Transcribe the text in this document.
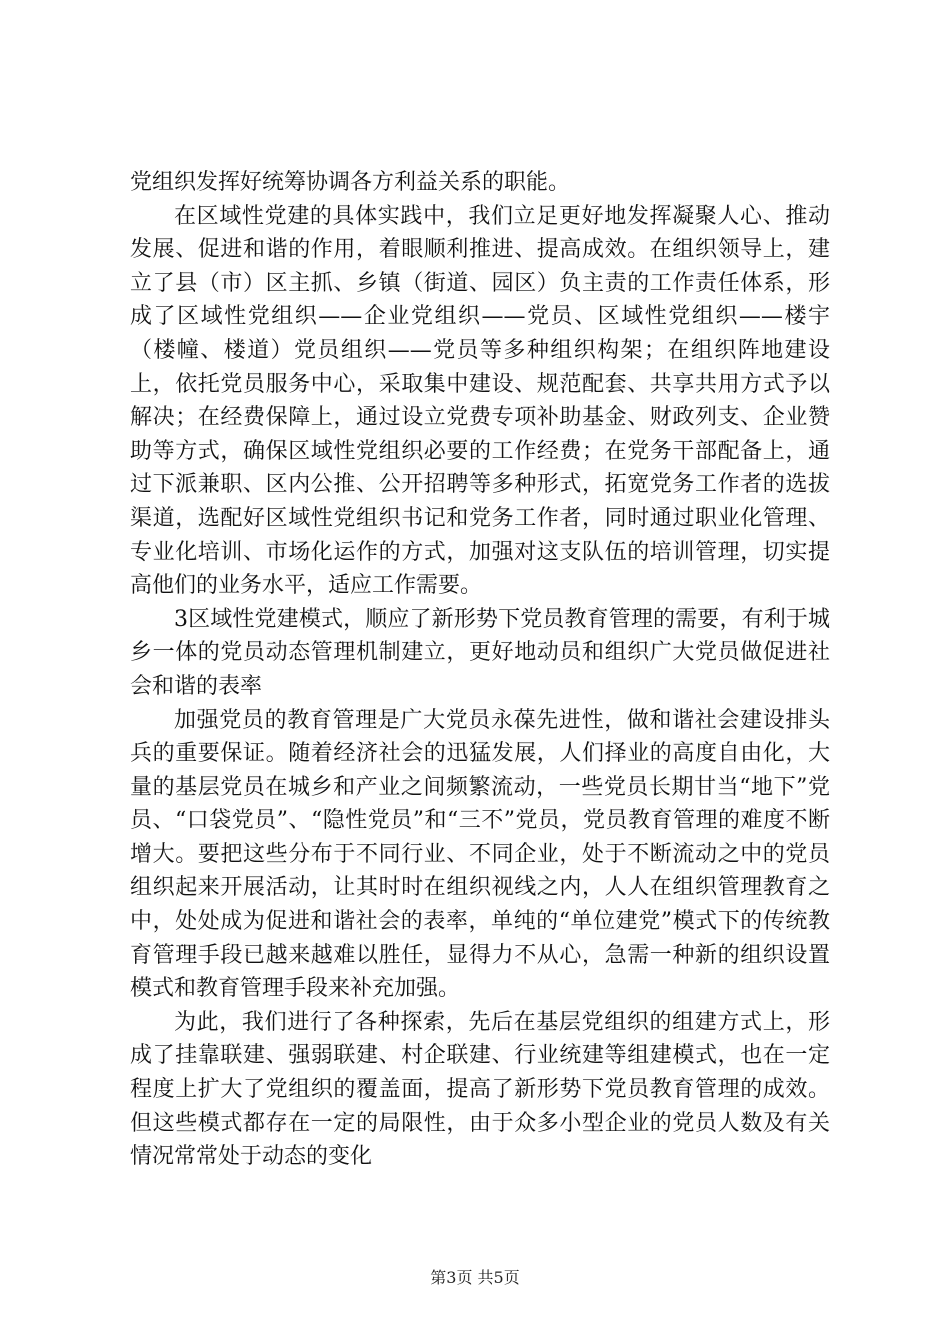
党组织发挥好统筹协调各方利益关系的职能。

在区域性党建的具体实践中，我们立足更好地发挥凝聚人心、推动发展、促进和谐的作用，着眼顺利推进、提高成效。在组织领导上，建立了县（市）区主抓、乡镇（街道、园区）负主责的工作责任体系，形成了区域性党组织——企业党组织——党员、区域性党组织——楼宇（楼幢、楼道）党员组织——党员等多种组织构架；在组织阵地建设上，依托党员服务中心，采取集中建设、规范配套、共享共用方式予以解决；在经费保障上，通过设立党费专项补助基金、财政列支、企业赞助等方式，确保区域性党组织必要的工作经费；在党务干部配备上，通过下派兼职、区内公推、公开招聘等多种形式，拓宽党务工作者的选拔渠道，选配好区域性党组织书记和党务工作者，同时通过职业化管理、专业化培训、市场化运作的方式，加强对这支队伍的培训管理，切实提高他们的业务水平，适应工作需要。

3区域性党建模式，顺应了新形势下党员教育管理的需要，有利于城乡一体的党员动态管理机制建立，更好地动员和组织广大党员做促进社会和谐的表率

加强党员的教育管理是广大党员永葆先进性，做和谐社会建设排头兵的重要保证。随着经济社会的迅猛发展，人们择业的高度自由化，大量的基层党员在城乡和产业之间频繁流动，一些党员长期甘当“地下”党员、“口袋党员”、“隐性党员”和“三不”党员，党员教育管理的难度不断增大。要把这些分布于不同行业、不同企业，处于不断流动之中的党员组织起来开展活动，让其时时在组织视线之内，人人在组织管理教育之中，处处成为促进和谐社会的表率，单纯的“单位建党”模式下的传统教育管理手段已越来越难以胜任，显得力不从心，急需一种新的组织设置模式和教育管理手段来补充加强。

为此，我们进行了各种探索，先后在基层党组织的组建方式上，形成了挂靠联建、强弱联建、村企联建、行业统建等组建模式，也在一定程度上扩大了党组织的覆盖面，提高了新形势下党员教育管理的成效。但这些模式都存在一定的局限性，由于众多小型企业的党员人数及有关情况常常处于动态的变化

第3页 共5页
